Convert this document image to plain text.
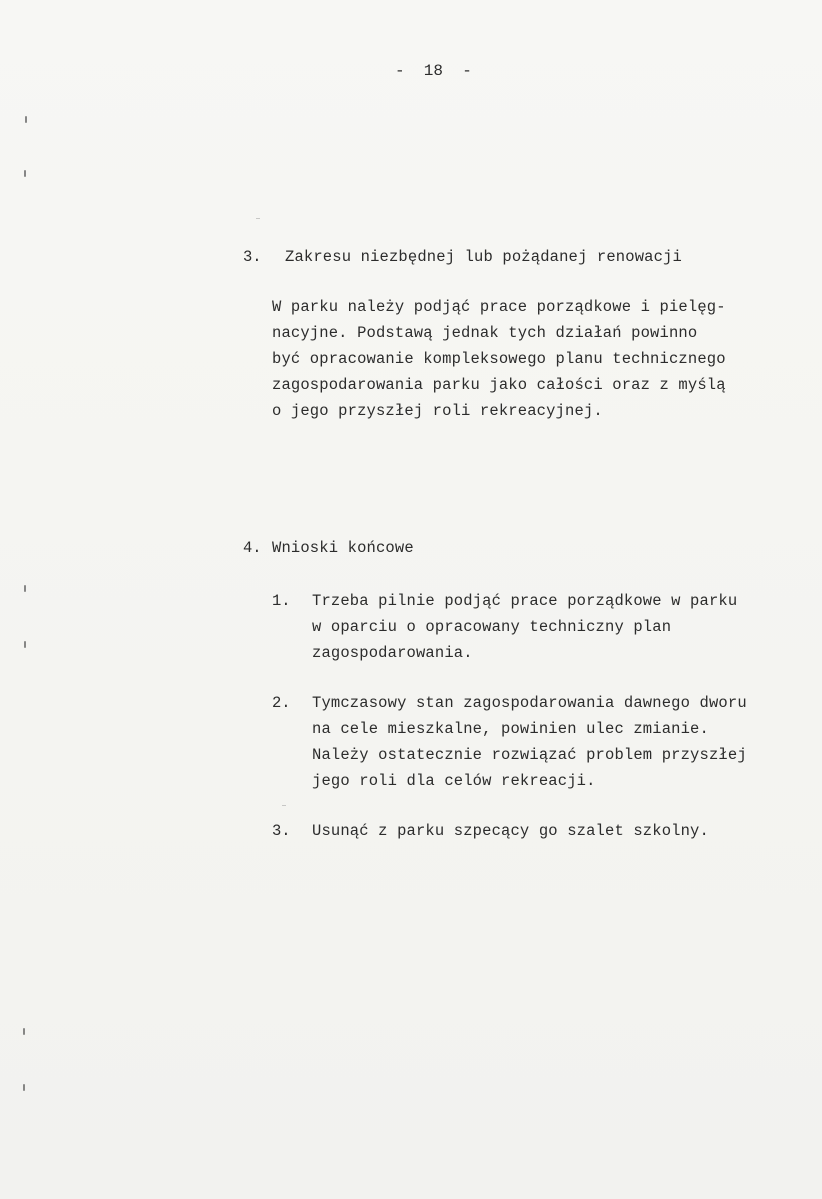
-  18  -
3. Zakresu niezbędnej lub pożądanej renowacji
W parku należy podjąć prace porządkowe i pielęg-
nacyjne. Podstawą jednak tych działań powinno
być opracowanie kompleksowego planu technicznego
zagospodarowania parku jako całości oraz z myślą
o jego przyszłej roli rekreacyjnej.
4. Wnioski końcowe
1. Trzeba pilnie podjąć prace porządkowe w parku
w oparciu o opracowany techniczny plan
zagospodarowania.
2. Tymczasowy stan zagospodarowania dawnego dworu
na cele mieszkalne, powinien ulec zmianie.
Należy ostatecznie rozwiązać problem przyszłej
jego roli dla celów rekreacji.
3. Usunąć z parku szpecący go szalet szkolny.
